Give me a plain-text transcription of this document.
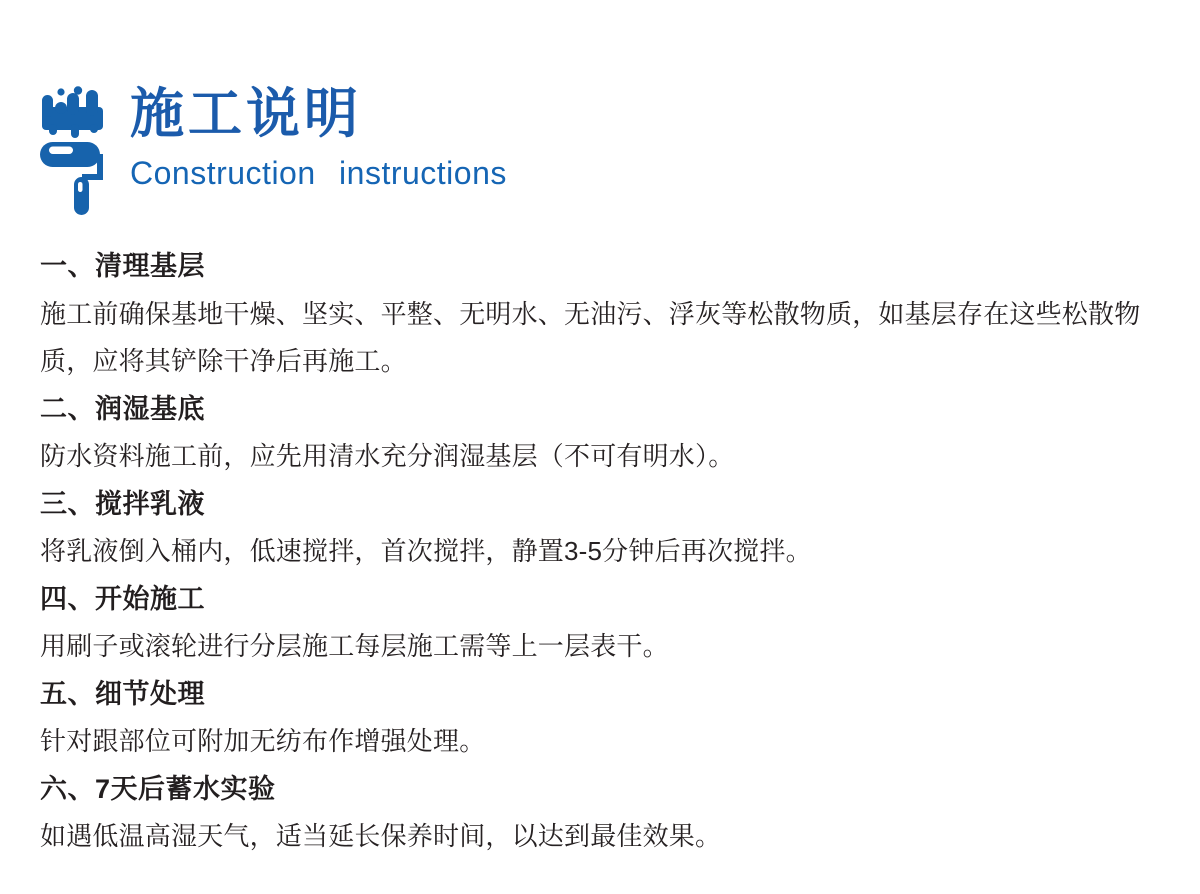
施工说明
Construction instructions
一、清理基层

施工前确保基地干燥、坚实、平整、无明水、无油污、浮灰等松散物质，如基层存在这些松散物质，应将其铲除干净后再施工。

二、润湿基底

防水资料施工前，应先用清水充分润湿基层（不可有明水）。

三、搅拌乳液

将乳液倒入桶内，低速搅拌，首次搅拌，静置3-5分钟后再次搅拌。

四、开始施工

用刷子或滚轮进行分层施工每层施工需等上一层表干。

五、细节处理

针对跟部位可附加无纺布作增强处理。

六、7天后蓄水实验

如遇低温高湿天气，适当延长保养时间，以达到最佳效果。
